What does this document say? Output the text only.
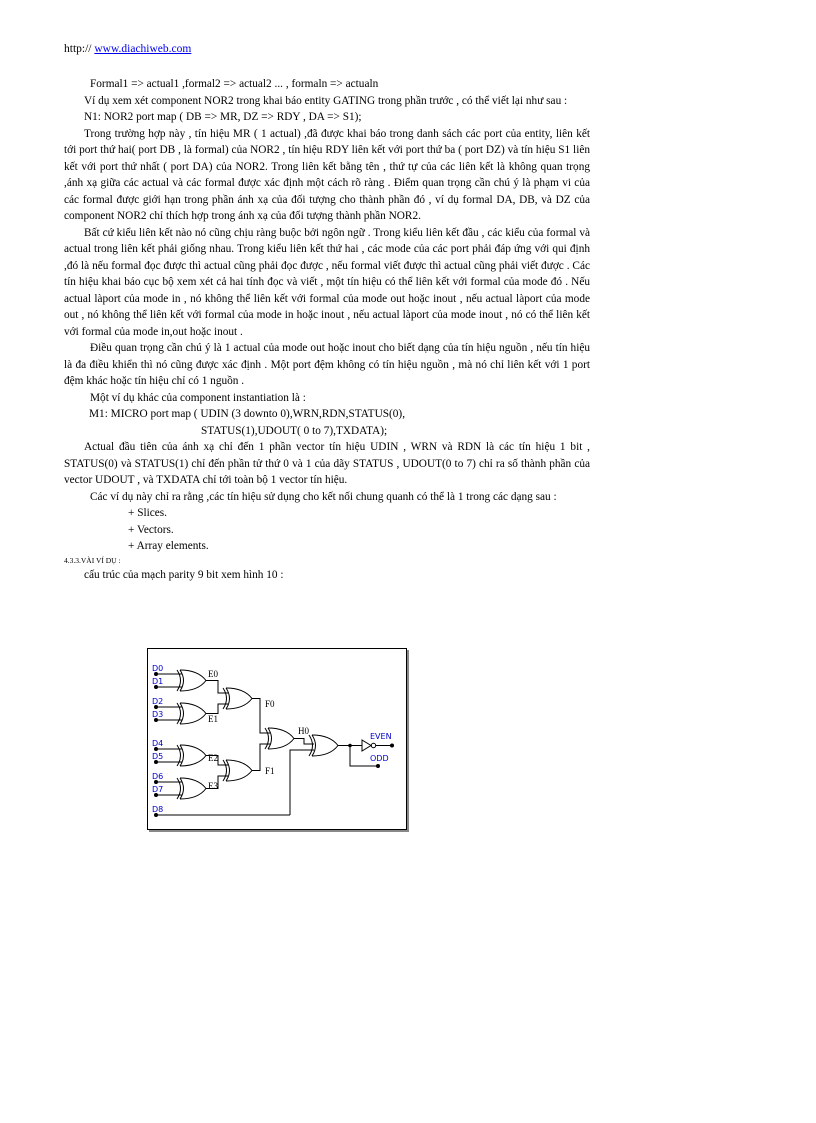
http:// www.diachiweb.com

Formal1 => actual1 ,formal2 => actual2 ... , formaln => actualn

Ví dụ xem xét component NOR2 trong khai báo entity GATING trong phần trước , có thể viết lại như sau :

N1: NOR2 port map ( DB => MR, DZ => RDY , DA => S1);

Trong trường hợp này , tín hiệu MR ( 1 actual) ,đã được khai báo trong danh sách các port của entity, liên kết tới port thứ hai( port DB , là formal) của NOR2 , tín hiệu RDY liên kết với port thứ ba ( port DZ) và tín hiệu S1 liên kết với port thứ nhất ( port DA) của NOR2. Trong liên kết bằng tên , thứ tự của các liên kết là không quan trọng ,ánh xạ giữa các actual và các formal được xác định một cách rõ ràng . Điểm quan trọng cần chú ý là phạm vi của các formal được giới hạn trong phần ánh xạ của đối tượng cho thành phần đó , ví dụ formal DA, DB, và DZ của component NOR2 chỉ thích hợp trong ánh xạ của đối tượng thành phần NOR2.

Bất cứ kiểu liên kết nào nó cũng chịu ràng buộc bởi ngôn ngữ . Trong kiểu liên kết đầu , các kiểu của formal và actual trong liên kết phải giống nhau. Trong kiểu liên kết thứ hai , các mode của các port phải đáp ứng với qui định ,đó là nếu formal đọc được thì actual cũng phải đọc được , nếu formal viết được thì actual cũng phải viết được . Các tín hiệu khai báo cục bộ xem xét cả hai tính đọc và viết , một tín hiệu có thể liên kết với formal của mode đó . Nếu actual làport của mode in , nó không thể liên kết với formal của mode out hoặc inout , nếu actual làport của mode out , nó không thể liên kết với formal của mode in hoặc inout , nếu actual làport của mode inout , nó có thể liên kết với formal của mode in,out hoặc inout .

Điều quan trọng cần chú ý là 1 actual của mode out hoặc inout cho biết dạng của tín hiệu nguồn , nếu tín hiệu là đa điều khiển thì nó cũng được xác định . Một port đệm không có tín hiệu nguồn , mà nó chỉ liên kết với 1 port đệm khác hoặc tín hiệu chỉ có 1 nguồn .

Một ví dụ khác của component instantiation là :

M1: MICRO port map ( UDIN (3 downto 0),WRN,RDN,STATUS(0),

STATUS(1),UDOUT( 0 to 7),TXDATA);

Actual đầu tiên của ánh xạ chỉ đến 1 phần vector tín hiệu UDIN , WRN và RDN là các tín hiệu 1 bit , STATUS(0) và STATUS(1) chỉ đến phần tử thứ 0 và 1 của dãy STATUS , UDOUT(0 to 7) chỉ ra số thành phần của vector UDOUT , và TXDATA chỉ tới toàn bộ 1 vector tín hiệu.

Các ví dụ này chỉ ra rằng ,các tín hiệu sử dụng cho kết nối chung quanh có thể là 1 trong các dạng sau :

+ Slices.

+ Vectors.

+ Array elements.

4.3.3.VÀI VÍ DỤ :

cấu trúc của mạch parity 9 bit xem hình 10 :

D0
D1
D2
D3
D4
D5
D6
D7
D8
E0
E1
E2
E3
F0
F1
H0
EVEN
ODD
